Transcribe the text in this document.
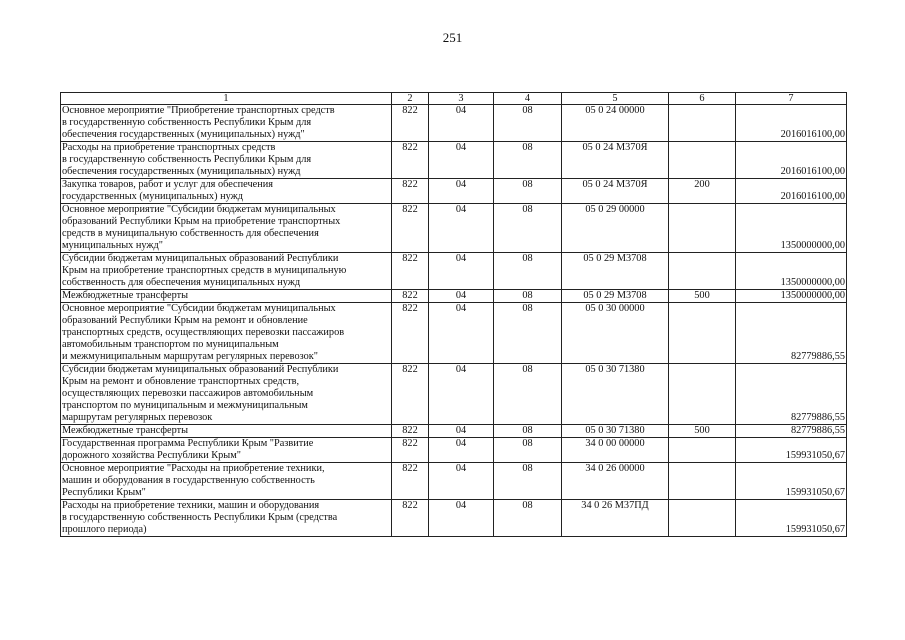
251
1	2	3	4	5	6	7
Основное мероприятие "Приобретение транспортных средств
в государственную собственность Республики Крым для
обеспечения государственных (муниципальных) нужд"	822	04	08	05 0 24 00000		2016016100,00
Расходы на приобретение транспортных средств
в государственную собственность Республики Крым для
обеспечения государственных (муниципальных) нужд	822	04	08	05 0 24 М370Я		2016016100,00
Закупка товаров, работ и услуг для обеспечения
государственных (муниципальных) нужд	822	04	08	05 0 24 М370Я	200	2016016100,00
Основное мероприятие "Субсидии бюджетам муниципальных
образований Республики Крым на приобретение транспортных
средств в муниципальную собственность для обеспечения
муниципальных нужд"	822	04	08	05 0 29 00000		1350000000,00
Субсидии бюджетам муниципальных образований Республики
Крым на приобретение транспортных средств в муниципальную
собственность для обеспечения муниципальных нужд	822	04	08	05 0 29 М3708		1350000000,00
Межбюджетные трансферты	822	04	08	05 0 29 М3708	500	1350000000,00
Основное мероприятие "Субсидии бюджетам муниципальных
образований Республики Крым на ремонт и обновление
транспортных средств, осуществляющих перевозки пассажиров
автомобильным транспортом по муниципальным
и межмуниципальным маршрутам регулярных перевозок"	822	04	08	05 0 30 00000		82779886,55
Субсидии бюджетам муниципальных образований Республики
Крым на ремонт и обновление транспортных средств,
осуществляющих перевозки пассажиров автомобильным
транспортом по муниципальным и межмуниципальным
маршрутам регулярных перевозок	822	04	08	05 0 30 71380		82779886,55
Межбюджетные трансферты	822	04	08	05 0 30 71380	500	82779886,55
Государственная программа Республики Крым "Развитие
дорожного хозяйства Республики Крым"	822	04	08	34 0 00 00000		159931050,67
Основное мероприятие "Расходы на приобретение техники,
машин и оборудования в государственную собственность
Республики Крым"	822	04	08	34 0 26 00000		159931050,67
Расходы на приобретение техники, машин и оборудования
в государственную собственность Республики Крым (средства
прошлого периода)	822	04	08	34 0 26 М37ПД		159931050,67
